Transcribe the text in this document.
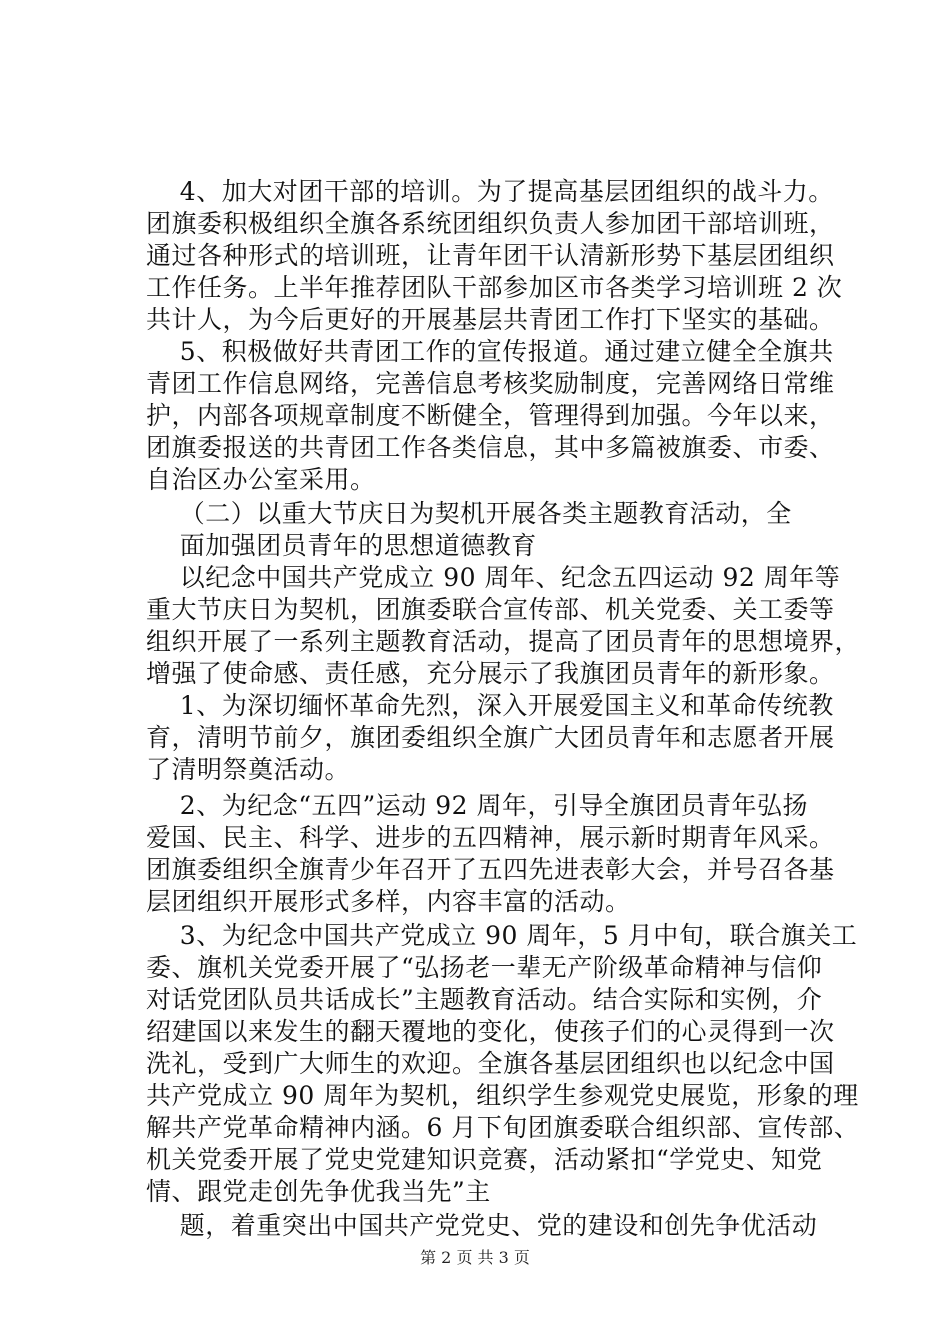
4、加大对团干部的培训。为了提高基层团组织的战斗力。
团旗委积极组织全旗各系统团组织负责人参加团干部培训班，
通过各种形式的培训班，让青年团干认清新形势下基层团组织
工作任务。上半年推荐团队干部参加区市各类学习培训班 2 次
共计人，为今后更好的开展基层共青团工作打下坚实的基础。
5、积极做好共青团工作的宣传报道。通过建立健全全旗共
青团工作信息网络，完善信息考核奖励制度，完善网络日常维
护，内部各项规章制度不断健全，管理得到加强。今年以来，
团旗委报送的共青团工作各类信息，其中多篇被旗委、市委、
自治区办公室采用。
（二）以重大节庆日为契机开展各类主题教育活动，全
面加强团员青年的思想道德教育
以纪念中国共产党成立 90 周年、纪念五四运动 92 周年等
重大节庆日为契机，团旗委联合宣传部、机关党委、关工委等
组织开展了一系列主题教育活动，提高了团员青年的思想境界，
增强了使命感、责任感，充分展示了我旗团员青年的新形象。
1、为深切缅怀革命先烈，深入开展爱国主义和革命传统教
育，清明节前夕，旗团委组织全旗广大团员青年和志愿者开展
了清明祭奠活动。
2、为纪念“五四”运动 92 周年，引导全旗团员青年弘扬
爱国、民主、科学、进步的五四精神，展示新时期青年风采。
团旗委组织全旗青少年召开了五四先进表彰大会，并号召各基
层团组织开展形式多样，内容丰富的活动。
3、为纪念中国共产党成立 90 周年，5 月中旬，联合旗关工
委、旗机关党委开展了“弘扬老一辈无产阶级革命精神与信仰
对话党团队员共话成长”主题教育活动。结合实际和实例，介
绍建国以来发生的翻天覆地的变化，使孩子们的心灵得到一次
洗礼，受到广大师生的欢迎。全旗各基层团组织也以纪念中国
共产党成立 90 周年为契机，组织学生参观党史展览，形象的理
解共产党革命精神内涵。6 月下旬团旗委联合组织部、宣传部、
机关党委开展了党史党建知识竞赛，活动紧扣“学党史、知党
情、跟党走创先争优我当先”主
题，着重突出中国共产党党史、党的建设和创先争优活动
第 2 页 共 3 页
